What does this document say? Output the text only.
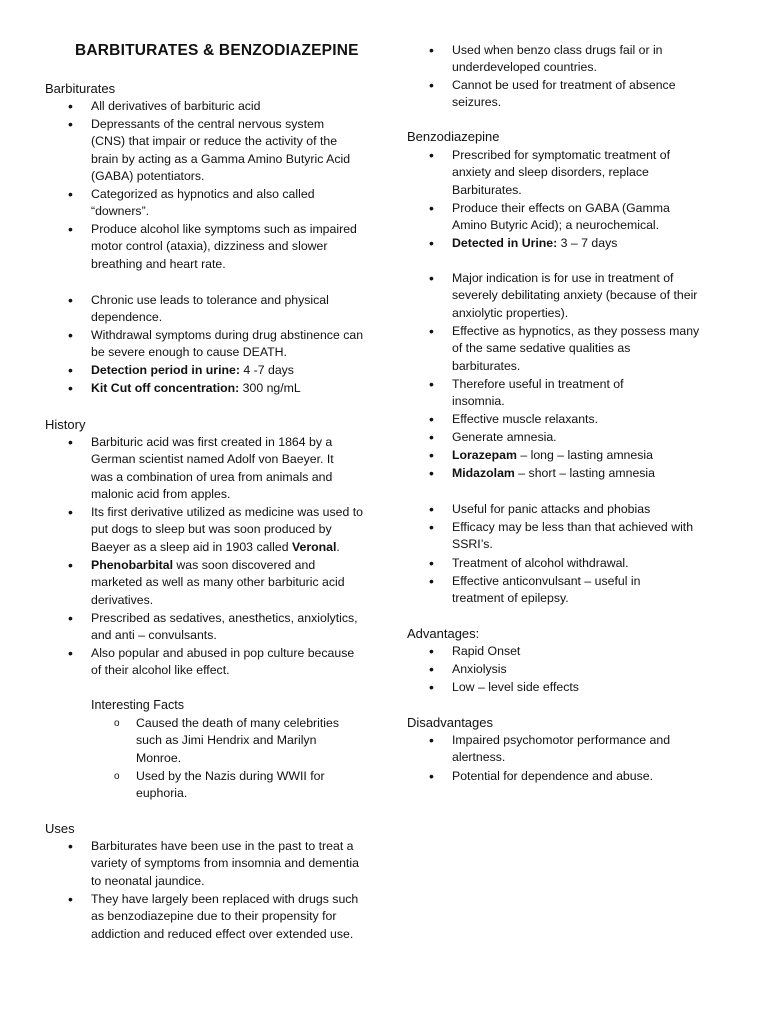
BARBITURATES & BENZODIAZEPINE
Barbiturates
• All derivatives of barbituric acid
• Depressants of the central nervous system (CNS) that impair or reduce the activity of the brain by acting as a Gamma Amino Butyric Acid (GABA) potentiators.
• Categorized as hypnotics and also called “downers”.
• Produce alcohol like symptoms such as impaired motor control (ataxia), dizziness and slower breathing and heart rate.
• Chronic use leads to tolerance and physical dependence.
• Withdrawal symptoms during drug abstinence can be severe enough to cause DEATH.
• Detection period in urine: 4 -7 days
• Kit Cut off concentration: 300 ng/mL
History
• Barbituric acid was first created in 1864 by a German scientist named Adolf von Baeyer. It was a combination of urea from animals and malonic acid from apples.
• Its first derivative utilized as medicine was used to put dogs to sleep but was soon produced by Baeyer as a sleep aid in 1903 called Veronal.
• Phenobarbital was soon discovered and marketed as well as many other barbituric acid derivatives.
• Prescribed as sedatives, anesthetics, anxiolytics, and anti – convulsants.
• Also popular and abused in pop culture because of their alcohol like effect.
Interesting Facts
o Caused the death of many celebrities such as Jimi Hendrix and Marilyn Monroe.
o Used by the Nazis during WWII for euphoria.
Uses
• Barbiturates have been use in the past to treat a variety of symptoms from insomnia and dementia to neonatal jaundice.
• They have largely been replaced with drugs such as benzodiazepine due to their propensity for addiction and reduced effect over extended use.
• Used when benzo class drugs fail or in underdeveloped countries.
• Cannot be used for treatment of absence seizures.
Benzodiazepine
• Prescribed for symptomatic treatment of anxiety and sleep disorders, replace Barbiturates.
• Produce their effects on GABA (Gamma Amino Butyric Acid); a neurochemical.
• Detected in Urine: 3 – 7 days
• Major indication is for use in treatment of severely debilitating anxiety (because of their anxiolytic properties).
• Effective as hypnotics, as they possess many of the same sedative qualities as barbiturates.
• Therefore useful in treatment of insomnia.
• Effective muscle relaxants.
• Generate amnesia.
• Lorazepam – long – lasting amnesia
• Midazolam – short – lasting amnesia
• Useful for panic attacks and phobias
• Efficacy may be less than that achieved with SSRI’s.
• Treatment of alcohol withdrawal.
• Effective anticonvulsant – useful in treatment of epilepsy.
Advantages:
• Rapid Onset
• Anxiolysis
• Low – level side effects
Disadvantages
• Impaired psychomotor performance and alertness.
• Potential for dependence and abuse.
